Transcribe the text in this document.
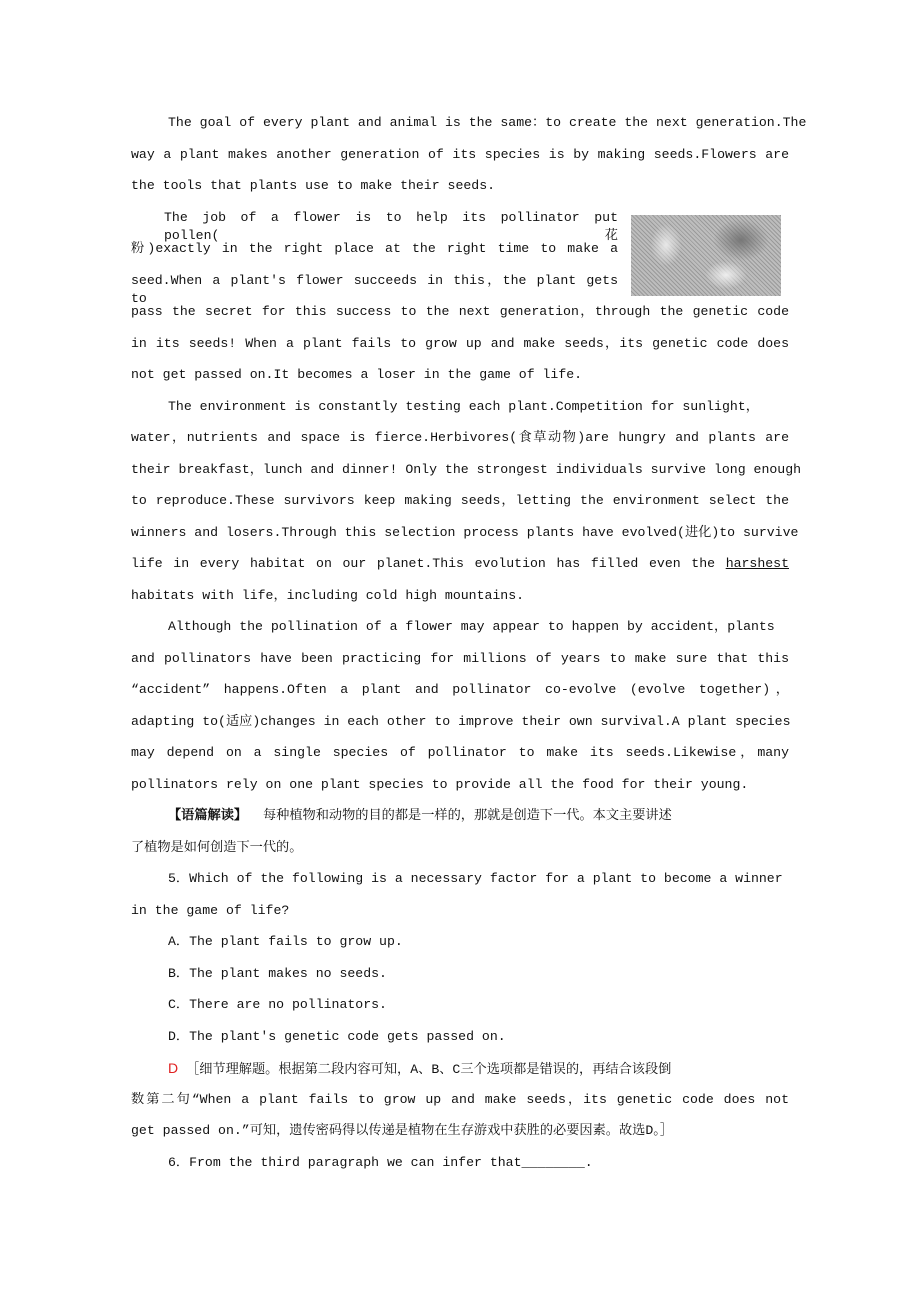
The goal of every plant and animal is the same：to create the next generation.The
way a plant makes another generation of its species is by making seeds.Flowers are
the tools that plants use to make their seeds.
The job of a flower is to help its pollinator put pollen(花
粉)exactly in the right place at the right time to make a
seed.When a plant's flower succeeds in this，the plant gets to
pass the secret for this success to the next generation，through the genetic code
in its seeds! When a plant fails to grow up and make seeds，its genetic code does
not get passed on.It becomes a loser in the game of life.
The environment is constantly testing each plant.Competition for sunlight，
water，nutrients and space is fierce.Herbivores(食草动物)are hungry and plants are
their breakfast，lunch and dinner! Only the strongest individuals survive long enough
to reproduce.These survivors keep making seeds，letting the environment select the
winners and losers.Through this selection process plants have evolved(进化)to survive
life in every habitat on our planet.This evolution has filled even the harshest
habitats with life，including cold high mountains.
Although the pollination of a flower may appear to happen by accident，plants
and pollinators have been practicing for millions of years to make sure that this
“accident” happens.Often a plant and pollinator co-evolve (evolve together)，
adapting to(适应)changes in each other to improve their own survival.A plant species
may depend on a single species of pollinator to make its seeds.Likewise，many
pollinators rely on one plant species to provide all the food for their young.
【语篇解读】  每种植物和动物的目的都是一样的，那就是创造下一代。本文主要讲述
了植物是如何创造下一代的。
5．Which of the following is a necessary factor for a plant to become a winner
in the game of life?
A．The plant fails to grow up.
B．The plant makes no seeds.
C．There are no pollinators.
D．The plant's genetic code gets passed on.
D ［细节理解题。根据第二段内容可知，A、B、C三个选项都是错误的，再结合该段倒
数第二句“When a plant fails to grow up and make seeds，its genetic code does not
get passed on.”可知，遗传密码得以传递是植物在生存游戏中获胜的必要因素。故选D。］
6．From the third paragraph we can infer that________.
